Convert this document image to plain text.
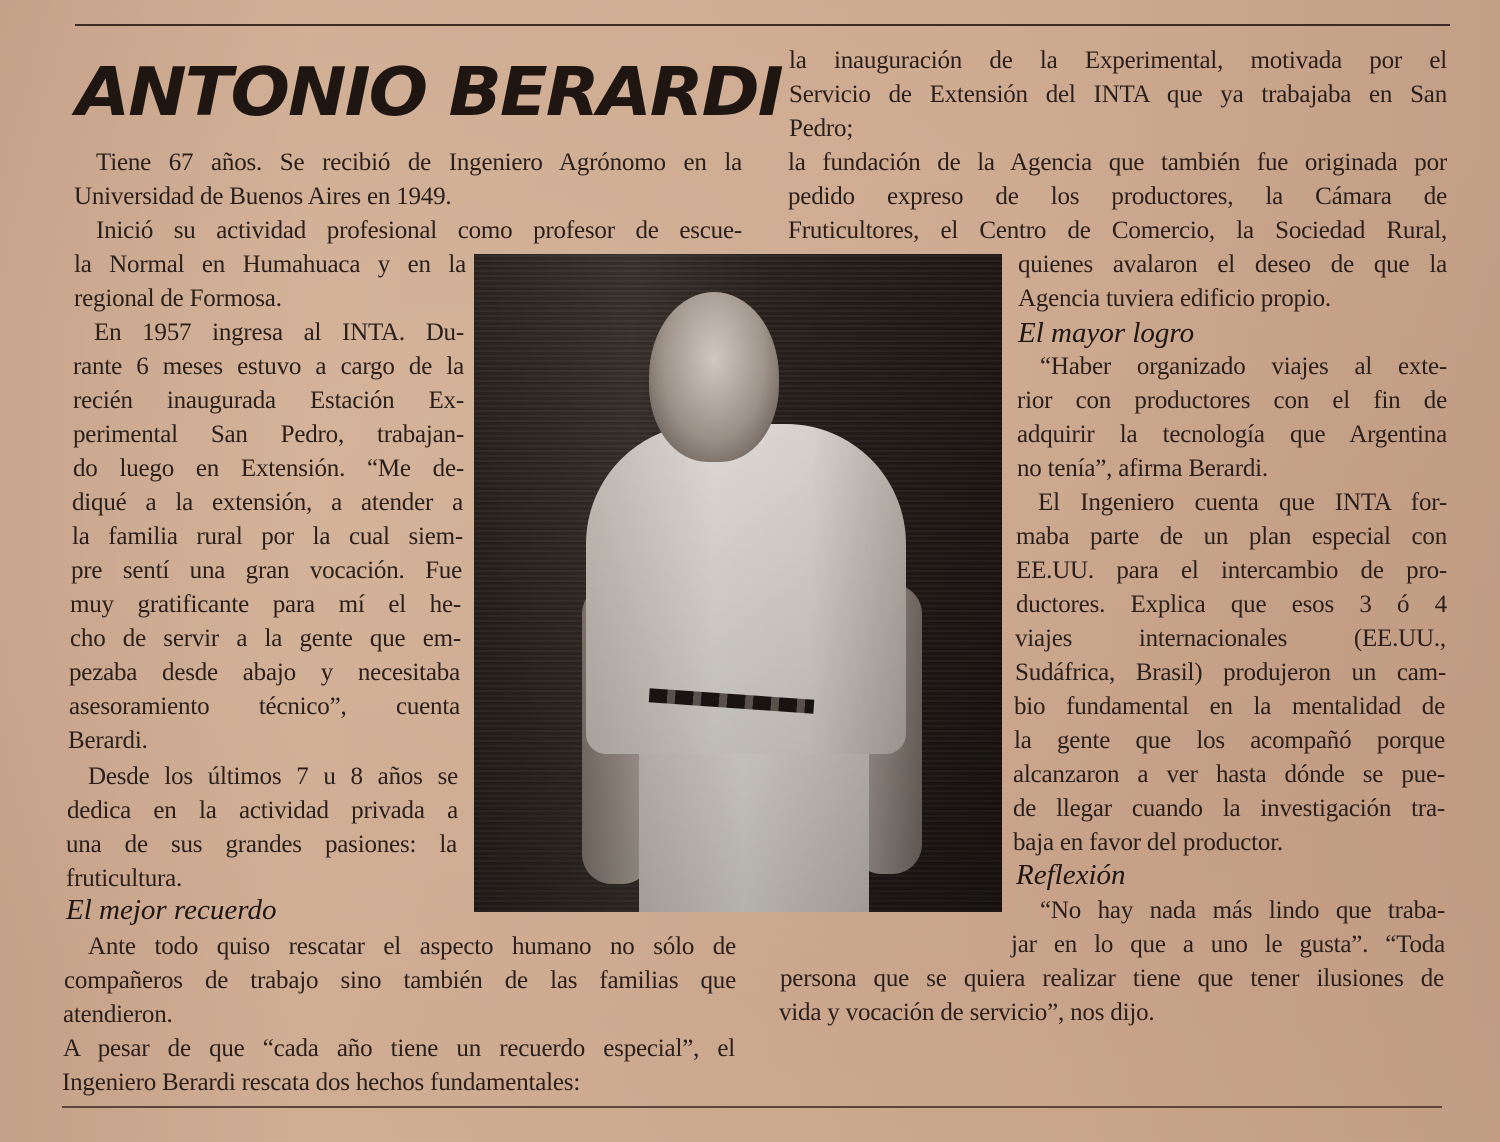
ANTONIO BERARDI

Tiene 67 años. Se recibió de Ingeniero Agrónomo en la

Universidad de Buenos Aires en 1949.

Inició su actividad profesional como profesor de escue-

la Normal en Humahuaca y en la

regional de Formosa.

En 1957 ingresa al INTA. Du-

rante 6 meses estuvo a cargo de la

recién inaugurada Estación Ex-

perimental San Pedro, trabajan-

do luego en Extensión. “Me de-

diqué a la extensión, a atender a

la familia rural por la cual siem-

pre sentí una gran vocación. Fue

muy gratificante para mí el he-

cho de servir a la gente que em-

pezaba desde abajo y necesitaba

asesoramiento técnico”, cuenta

Berardi.

Desde los últimos 7 u 8 años se

dedica en la actividad privada a

una de sus grandes pasiones: la

fruticultura.

El mejor recuerdo

Ante todo quiso rescatar el aspecto humano no sólo de

compañeros de trabajo sino también de las familias que

atendieron.

A pesar de que “cada año tiene un recuerdo especial”, el

Ingeniero Berardi rescata dos hechos fundamentales:

la inauguración de la Experimental, motivada por el

Servicio de Extensión del INTA que ya trabajaba en San

Pedro;

la fundación de la Agencia que también fue originada por

pedido expreso de los productores, la Cámara de

Fruticultores, el Centro de Comercio, la Sociedad Rural,

quienes avalaron el deseo de que la

Agencia tuviera edificio propio.

El mayor logro

“Haber organizado viajes al exte-

rior con productores con el fin de

adquirir la tecnología que Argentina

no tenía”, afirma Berardi.

El Ingeniero cuenta que INTA for-

maba parte de un plan especial con

EE.UU. para el intercambio de pro-

ductores. Explica que esos 3 ó 4

viajes internacionales (EE.UU.,

Sudáfrica, Brasil) produjeron un cam-

bio fundamental en la mentalidad de

la gente que los acompañó porque

alcanzaron a ver hasta dónde se pue-

de llegar cuando la investigación tra-

baja en favor del productor.

Reflexión

“No hay nada más lindo que traba-

jar en lo que a uno le gusta”. “Toda

persona que se quiera realizar tiene que tener ilusiones de

vida y vocación de servicio”, nos dijo.
